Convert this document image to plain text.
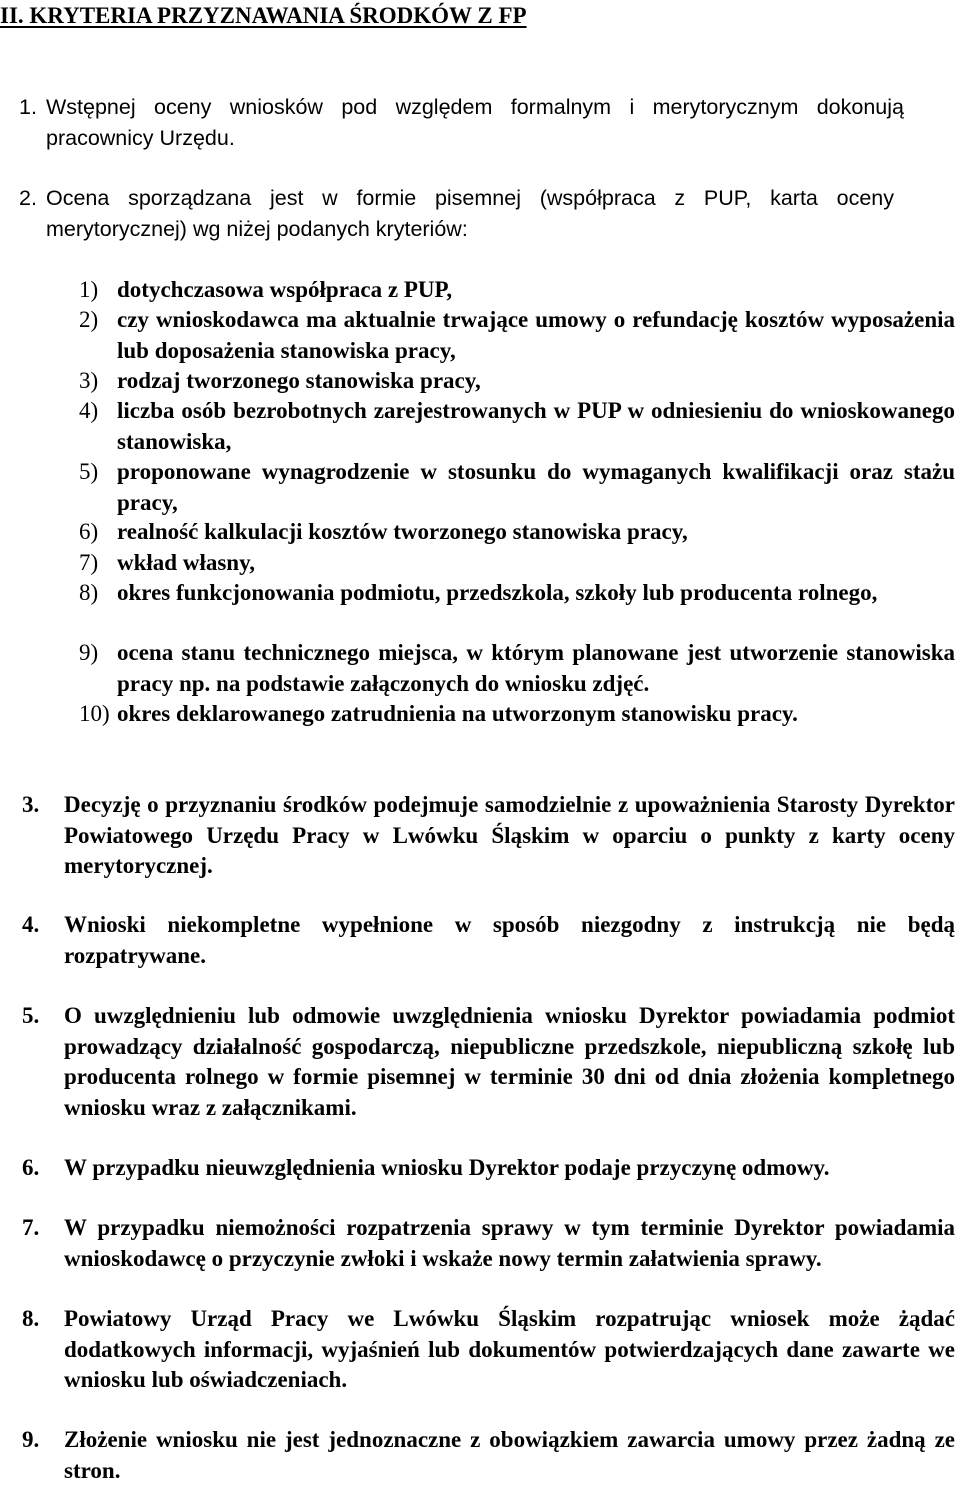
II. KRYTERIA PRZYZNAWANIA ŚRODKÓW Z FP
1. Wstępnej oceny wniosków pod względem formalnym i merytorycznym dokonują pracownicy Urzędu.
2. Ocena sporządzana jest w formie pisemnej (współpraca z PUP, karta oceny merytorycznej) wg niżej podanych kryteriów:
1) dotychczasowa współpraca z PUP,
2) czy wnioskodawca ma aktualnie trwające umowy o refundację kosztów wyposażenia lub doposażenia stanowiska pracy,
3) rodzaj tworzonego stanowiska pracy,
4) liczba osób bezrobotnych zarejestrowanych w PUP w odniesieniu do wnioskowanego stanowiska,
5) proponowane wynagrodzenie w stosunku do wymaganych kwalifikacji oraz stażu pracy,
6) realność kalkulacji kosztów tworzonego stanowiska pracy,
7) wkład własny,
8) okres funkcjonowania podmiotu, przedszkola, szkoły lub producenta rolnego,
9) ocena stanu technicznego miejsca, w którym planowane jest utworzenie stanowiska pracy np. na podstawie załączonych do wniosku zdjęć.
10) okres deklarowanego zatrudnienia na utworzonym stanowisku pracy.
3. Decyzję o przyznaniu środków podejmuje samodzielnie z upoważnienia Starosty Dyrektor Powiatowego Urzędu Pracy w Lwówku Śląskim w oparciu o punkty z karty oceny merytorycznej.
4. Wnioski niekompletne wypełnione w sposób niezgodny z instrukcją nie będą rozpatrywane.
5. O uwzględnieniu lub odmowie uwzględnienia wniosku Dyrektor powiadamia podmiot prowadzący działalność gospodarczą, niepubliczne przedszkole, niepubliczną szkołę lub producenta rolnego w formie pisemnej w terminie 30 dni od dnia złożenia kompletnego wniosku wraz z załącznikami.
6. W przypadku nieuwzględnienia wniosku Dyrektor podaje przyczynę odmowy.
7. W przypadku niemożności rozpatrzenia sprawy w tym terminie Dyrektor powiadamia wnioskodawcę o przyczynie zwłoki i wskaże nowy termin załatwienia sprawy.
8. Powiatowy Urząd Pracy we Lwówku Śląskim rozpatrując wniosek może żądać dodatkowych informacji, wyjaśnień lub dokumentów potwierdzających dane zawarte we wniosku lub oświadczeniach.
9. Złożenie wniosku nie jest jednoznaczne z obowiązkiem zawarcia umowy przez żadną ze stron.
